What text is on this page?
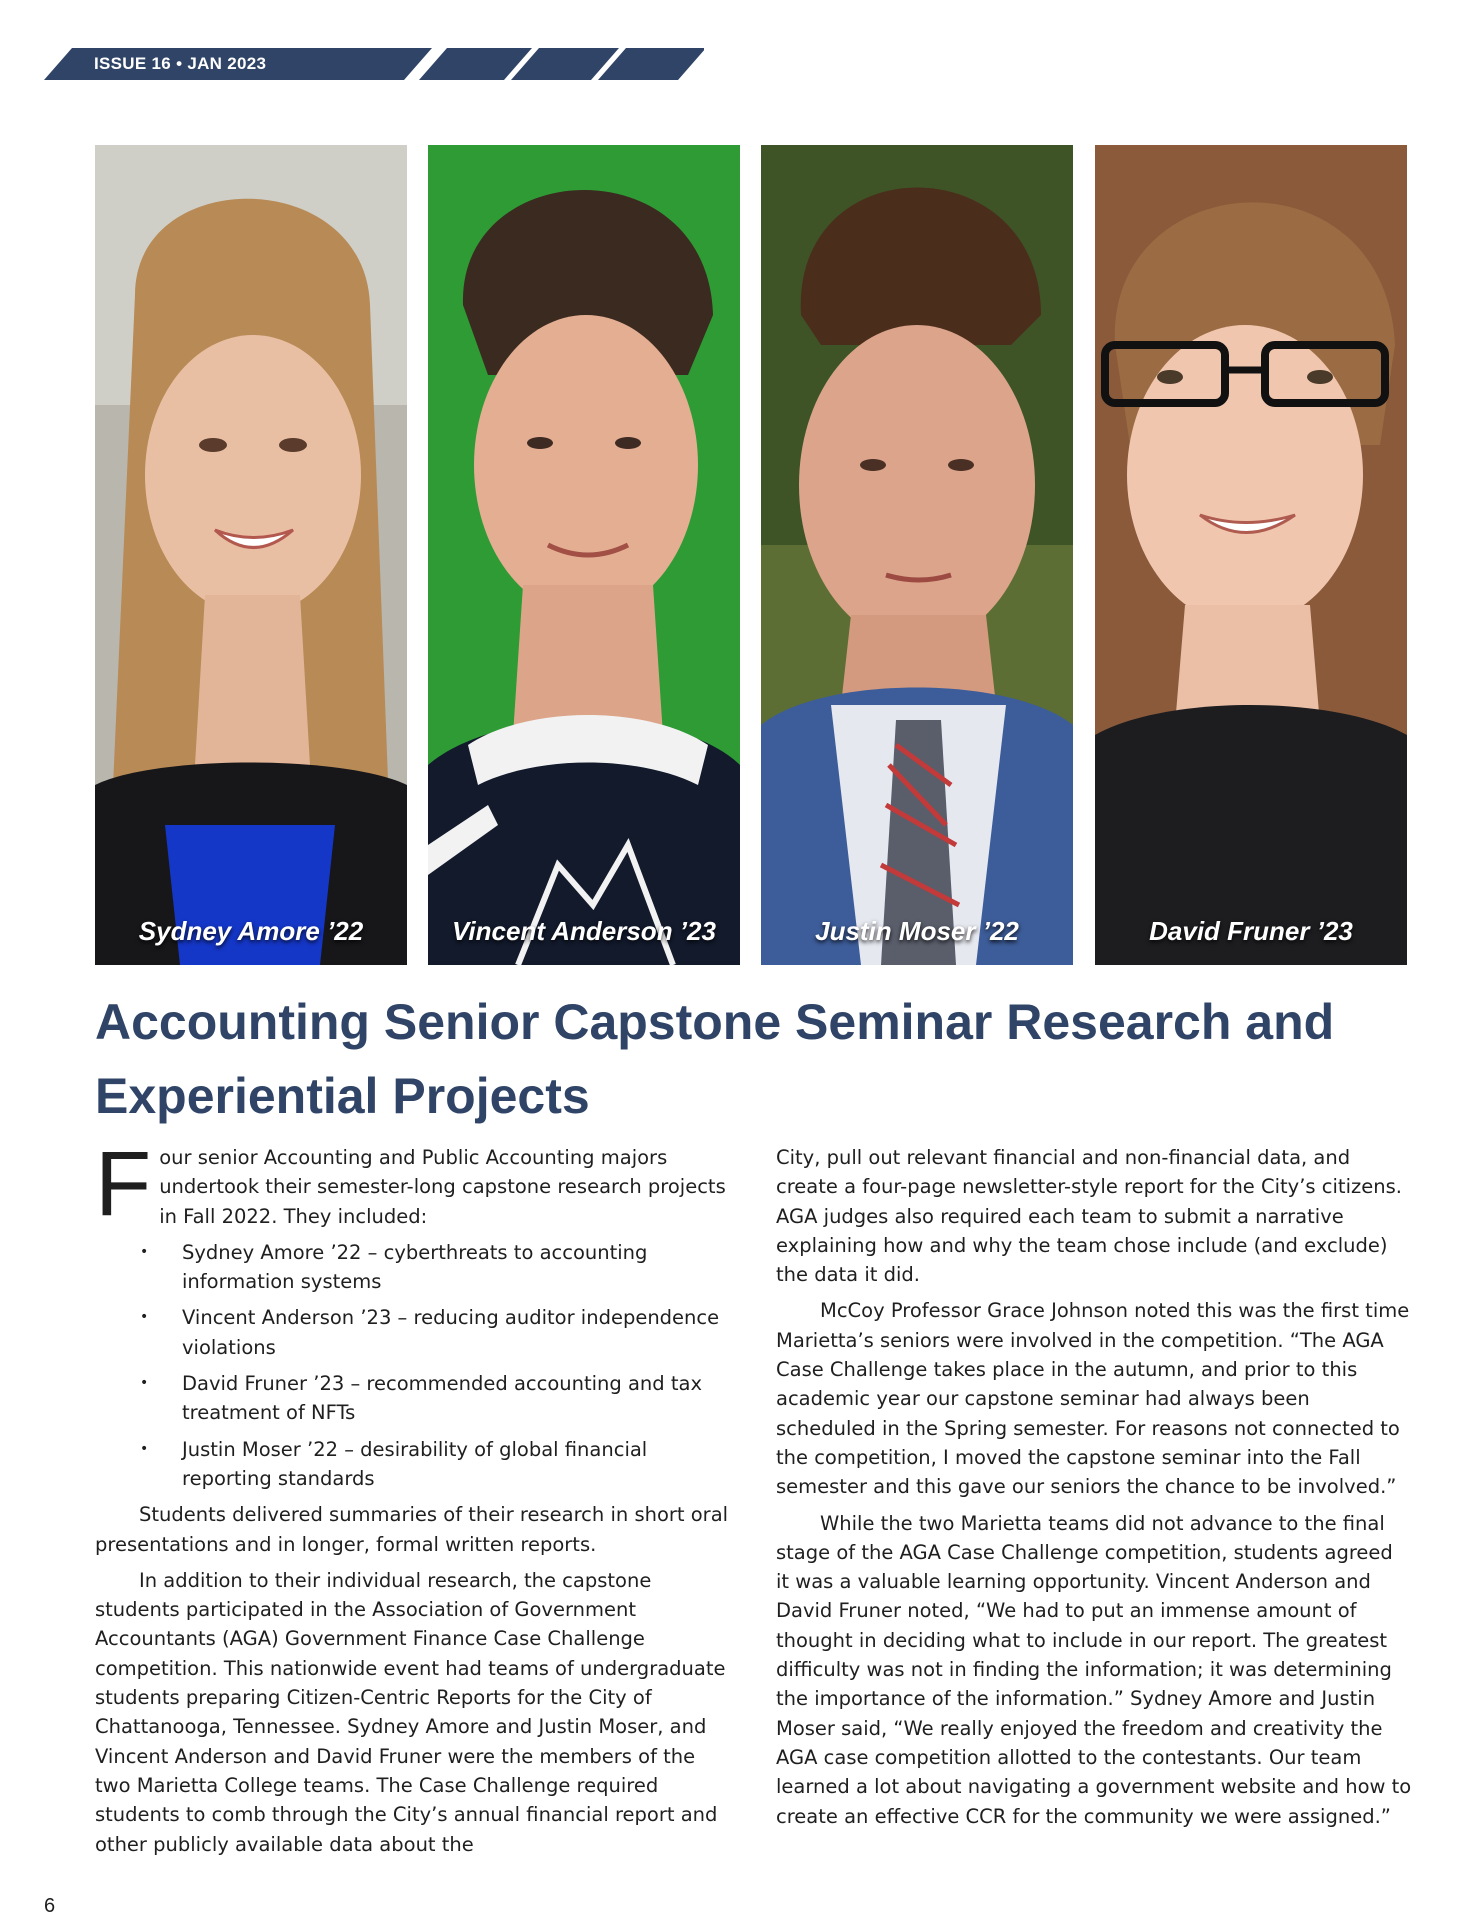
ISSUE 16 • JAN 2023
Sydney Amore ’22	Vincent Anderson ’23	Justin Moser ’22	David Fruner ’23
Accounting Senior Capstone Seminar Research and Experiential Projects

F our senior Accounting and Public Accounting majors undertook their semester-long capstone research projects in Fall 2022. They included:

• Sydney Amore ’22 – cyberthreats to accounting information systems
• Vincent Anderson ’23 – reducing auditor independence violations
• David Fruner ’23 – recommended accounting and tax treatment of NFTs
• Justin Moser ’22 – desirability of global financial reporting standards

Students delivered summaries of their research in short oral presentations and in longer, formal written reports.

In addition to their individual research, the capstone students participated in the Association of Government Accountants (AGA) Government Finance Case Challenge competition. This nationwide event had teams of undergraduate students preparing Citizen-Centric Reports for the City of Chattanooga, Tennessee. Sydney Amore and Justin Moser, and Vincent Anderson and David Fruner were the members of the two Marietta College teams. The Case Challenge required students to comb through the City’s annual financial report and other publicly available data about the

City, pull out relevant financial and non-financial data, and create a four-page newsletter-style report for the City’s citizens. AGA judges also required each team to submit a narrative explaining how and why the team chose include (and exclude) the data it did.

McCoy Professor Grace Johnson noted this was the first time Marietta’s seniors were involved in the competition. “The AGA Case Challenge takes place in the autumn, and prior to this academic year our capstone seminar had always been scheduled in the Spring semester. For reasons not connected to the competition, I moved the capstone seminar into the Fall semester and this gave our seniors the chance to be involved.”

While the two Marietta teams did not advance to the final stage of the AGA Case Challenge competition, students agreed it was a valuable learning opportunity. Vincent Anderson and David Fruner noted, “We had to put an immense amount of thought in deciding what to include in our report. The greatest difficulty was not in finding the information; it was determining the importance of the information.” Sydney Amore and Justin Moser said, “We really enjoyed the freedom and creativity the AGA case competition allotted to the contestants. Our team learned a lot about navigating a government website and how to create an effective CCR for the community we were assigned.”

6
